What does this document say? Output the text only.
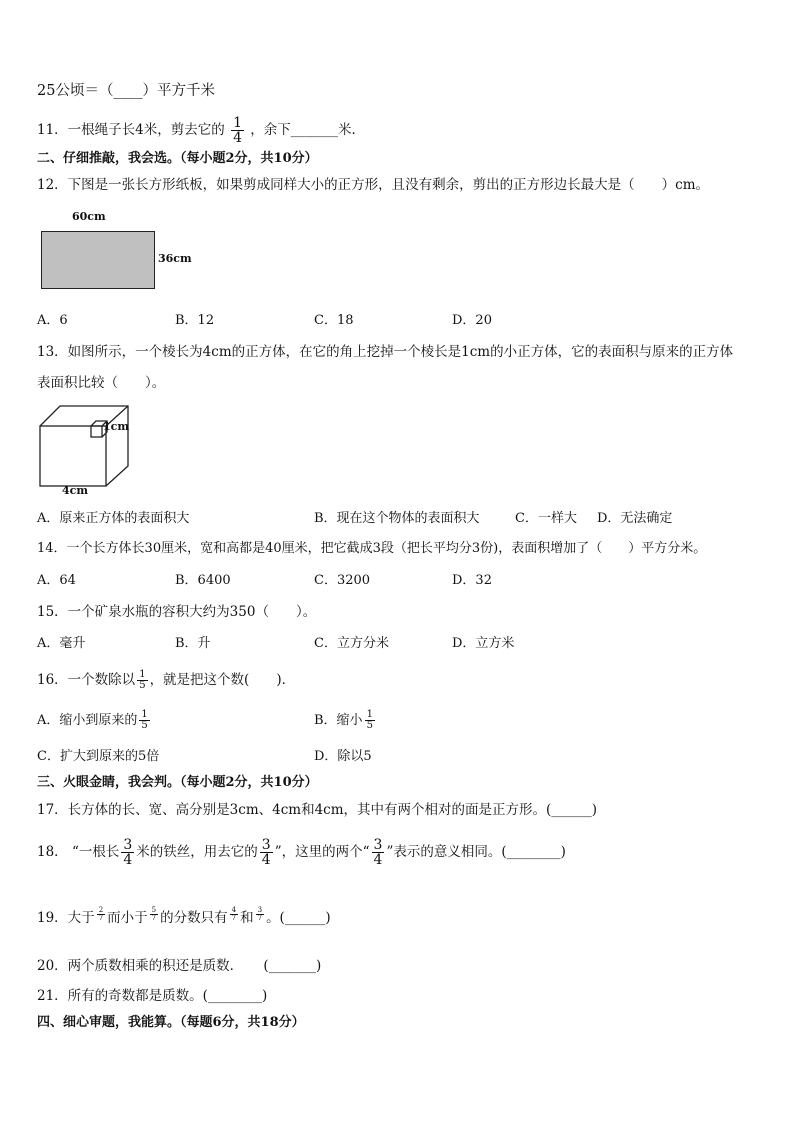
25公顷＝（____）平方千米
11．一根绳子长4米，剪去它的 $\frac{1}{4}$ ，余下_______米．
二、仔细推敲，我会选。（每小题2分，共10分）
12．下图是一张长方形纸板，如果剪成同样大小的正方形，且没有剩余，剪出的正方形边长最大是（　　）cm。
60cm
36cm
A．6	B．12	C．18	D．20
13．如图所示，一个棱长为4cm的正方体，在它的角上挖掉一个棱长是1cm的小正方体，它的表面积与原来的正方体
表面积比较（　　）。
1cm
4cm
A．原来正方体的表面积大	B．现在这个物体的表面积大	C．一样大 D．无法确定
14．一个长方体长30厘米，宽和高都是40厘米，把它截成3段（把长平均分3份)，表面积增加了（　　）平方分米。
A．64	B．6400	C．3200	D．32
15．一个矿泉水瓶的容积大约为350（　　）。
A．毫升	B．升	C．立方分米	D．立方米
16．一个数除以 $\frac{1}{5}$ ，就是把这个数(　　)．
A．缩小到原来的 $\frac{1}{5}$	B．缩小 $\frac{1}{5}$
C．扩大到原来的5倍	D．除以5
三、火眼金睛，我会判。（每小题2分，共10分）
17．长方体的长、宽、高分别是3cm、4cm和4cm，其中有两个相对的面是正方形。(______)
18． “一根长 $\frac{3}{4}$ 米的铁丝，用去它的 $\frac{3}{4}$ ”，这里的两个“ $\frac{3}{4}$ ”表示的意义相同。(________)
19．大于 $\frac{2}{7}$ 而小于 $\frac{5}{7}$ 的分数只有 $\frac{4}{7}$ 和 $\frac{3}{7}$ 。(______)
20．两个质数相乘的积还是质数．　　(_______)
21．所有的奇数都是质数。(________)
四、细心审题，我能算。（每题6分，共18分）
